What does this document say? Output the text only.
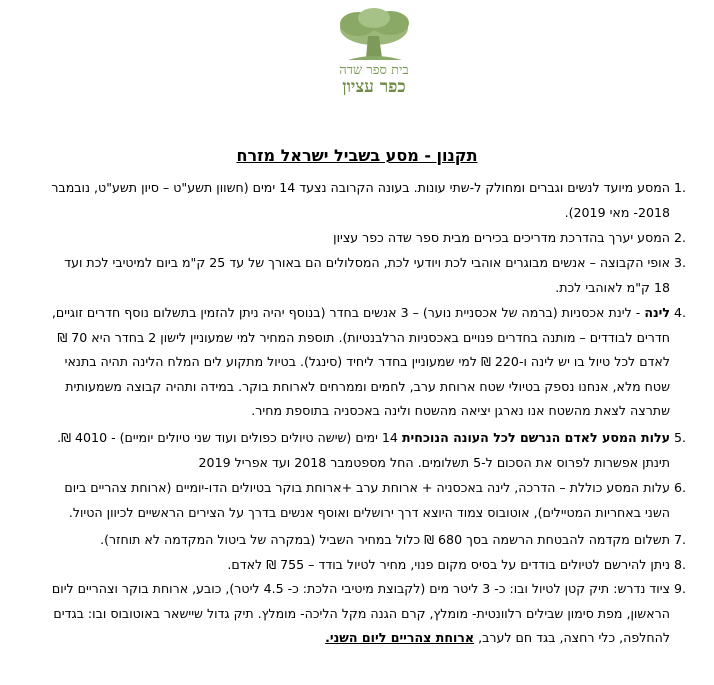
בית ספר שדה
כפר עציון
תקנון - מסע בשביל ישראל מזרח
1.
המסע מיועד לנשים וגברים ומחולק ל-שתי עונות. בעונה הקרובה נצעד 14 ימים (חשוון תשע"ט – סיון תשע"ט, נובמבר 2018- מאי 2019).
2.
המסע יערך בהדרכת מדריכים בכירים מבית ספר שדה כפר עציון
3.
אופי הקבוצה – אנשים מבוגרים אוהבי לכת ויודעי לכת, המסלולים הם באורך של עד 25 ק"מ ביום למיטיבי לכת ועד 18 ק"מ לאוהבי לכת.
4.
לינה - לינת אכסניות (ברמה של אכסניית נוער) – 3 אנשים בחדר (בנוסף יהיה ניתן להזמין בתשלום נוסף חדרים זוגיים, חדרים לבודדים – מותנה בחדרים פנויים באכסניות הרלבנטיות). תוספת המחיר למי שמעוניין לישון 2 בחדר היא 70 ₪ לאדם לכל טיול בו יש לינה ו-220 ₪ למי שמעוניין בחדר ליחיד (סינגל). בטיול מתקוע לים המלח הלינה תהיה בתנאי שטח מלא, אנחנו נספק בטיולי שטח ארוחת ערב, לחמים וממרחים לארוחת בוקר. במידה ותהיה קבוצה משמעותית שתרצה לצאת מהשטח אנו נארגן יציאה מהשטח ולינה באכסניה בתוספת מחיר.
5.
עלות המסע לאדם הנרשם לכל העונה הנוכחית 14 ימים (שישה טיולים כפולים ועוד שני טיולים יומיים) - 4010 ₪. תינתן אפשרות לפרוס את הסכום ל-5 תשלומים. החל מספטמבר 2018 ועד אפריל 2019
6.
עלות המסע כוללת – הדרכה, לינה באכסניה + ארוחת ערב +ארוחת בוקר בטיולים הדו-יומיים (ארוחת צהריים ביום השני באחריות המטיילים), אוטובוס צמוד היוצא דרך ירושלים ואוסף אנשים בדרך על הצירים הראשיים לכיוון הטיול.
7.
תשלום מקדמה להבטחת הרשמה בסך 680 ₪ כלול במחיר השביל (במקרה של ביטול המקדמה לא תוחזר).
8.
ניתן להירשם לטיולים בודדים על בסיס מקום פנוי, מחיר לטיול בודד – 755 ₪ לאדם.
9.
ציוד נדרש: תיק קטן לטיול ובו: כ- 3 ליטר מים (לקבוצת מיטיבי הלכת: כ- 4.5 ליטר), כובע, ארוחת בוקר וצהריים ליום הראשון, מפת סימון שבילים רלוונטית- מומלץ, קרם הגנה מקל הליכה- מומלץ. תיק גדול שיישאר באוטובוס ובו: בגדים להחלפה, כלי רחצה, בגד חם לערב, ארוחת צהריים ליום השני.
